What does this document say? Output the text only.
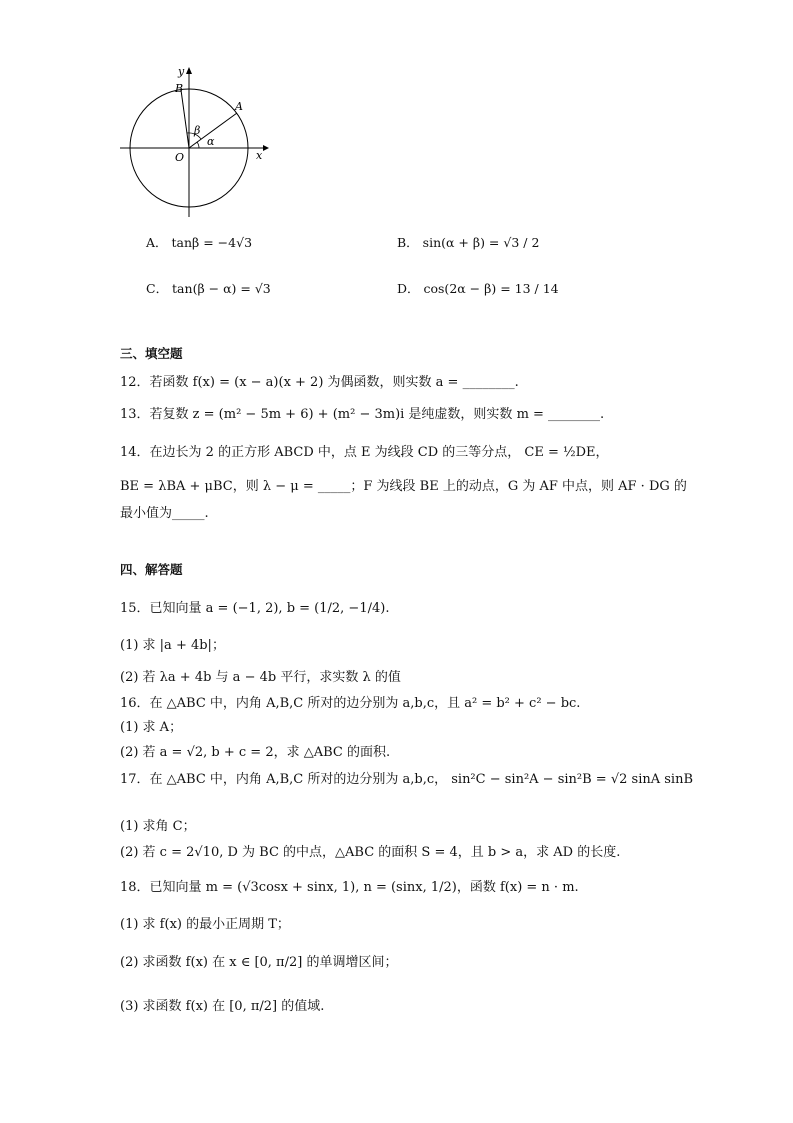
y
x
O
A
B
α
β
A． tanβ = −4√3	B． sin(α + β) = √3 / 2
C． tan(β − α) = √3	D． cos(2α − β) = 13 / 14
三、填空题
12．若函数 f(x) = (x − a)(x + 2) 为偶函数，则实数 a = ________.
13．若复数 z = (m² − 5m + 6) + (m² − 3m)i 是纯虚数，则实数 m = ________.
14．在边长为 2 的正方形 ABCD 中，点 E 为线段 CD 的三等分点， CE = ½DE，
BE = λBA + μBC，则 λ − μ = _____；F 为线段 BE 上的动点，G 为 AF 中点，则 AF · DG 的
最小值为_____.
四、解答题
15．已知向量 a = (−1, 2), b = (1/2, −1/4).
(1) 求 |a + 4b|；
(2) 若 λa + 4b 与 a − 4b 平行，求实数 λ 的值
16．在 △ABC 中，内角 A,B,C 所对的边分别为 a,b,c，且 a² = b² + c² − bc.
(1) 求 A；
(2) 若 a = √2, b + c = 2，求 △ABC 的面积.
17．在 △ABC 中，内角 A,B,C 所对的边分别为 a,b,c， sin²C − sin²A − sin²B = √2 sinA sinB
(1) 求角 C；
(2) 若 c = 2√10, D 为 BC 的中点，△ABC 的面积 S = 4，且 b > a，求 AD 的长度.
18．已知向量 m = (√3cosx + sinx, 1), n = (sinx, 1/2)，函数 f(x) = n · m.
(1) 求 f(x) 的最小正周期 T；
(2) 求函数 f(x) 在 x ∈ [0, π/2] 的单调增区间；
(3) 求函数 f(x) 在 [0, π/2] 的值域.
